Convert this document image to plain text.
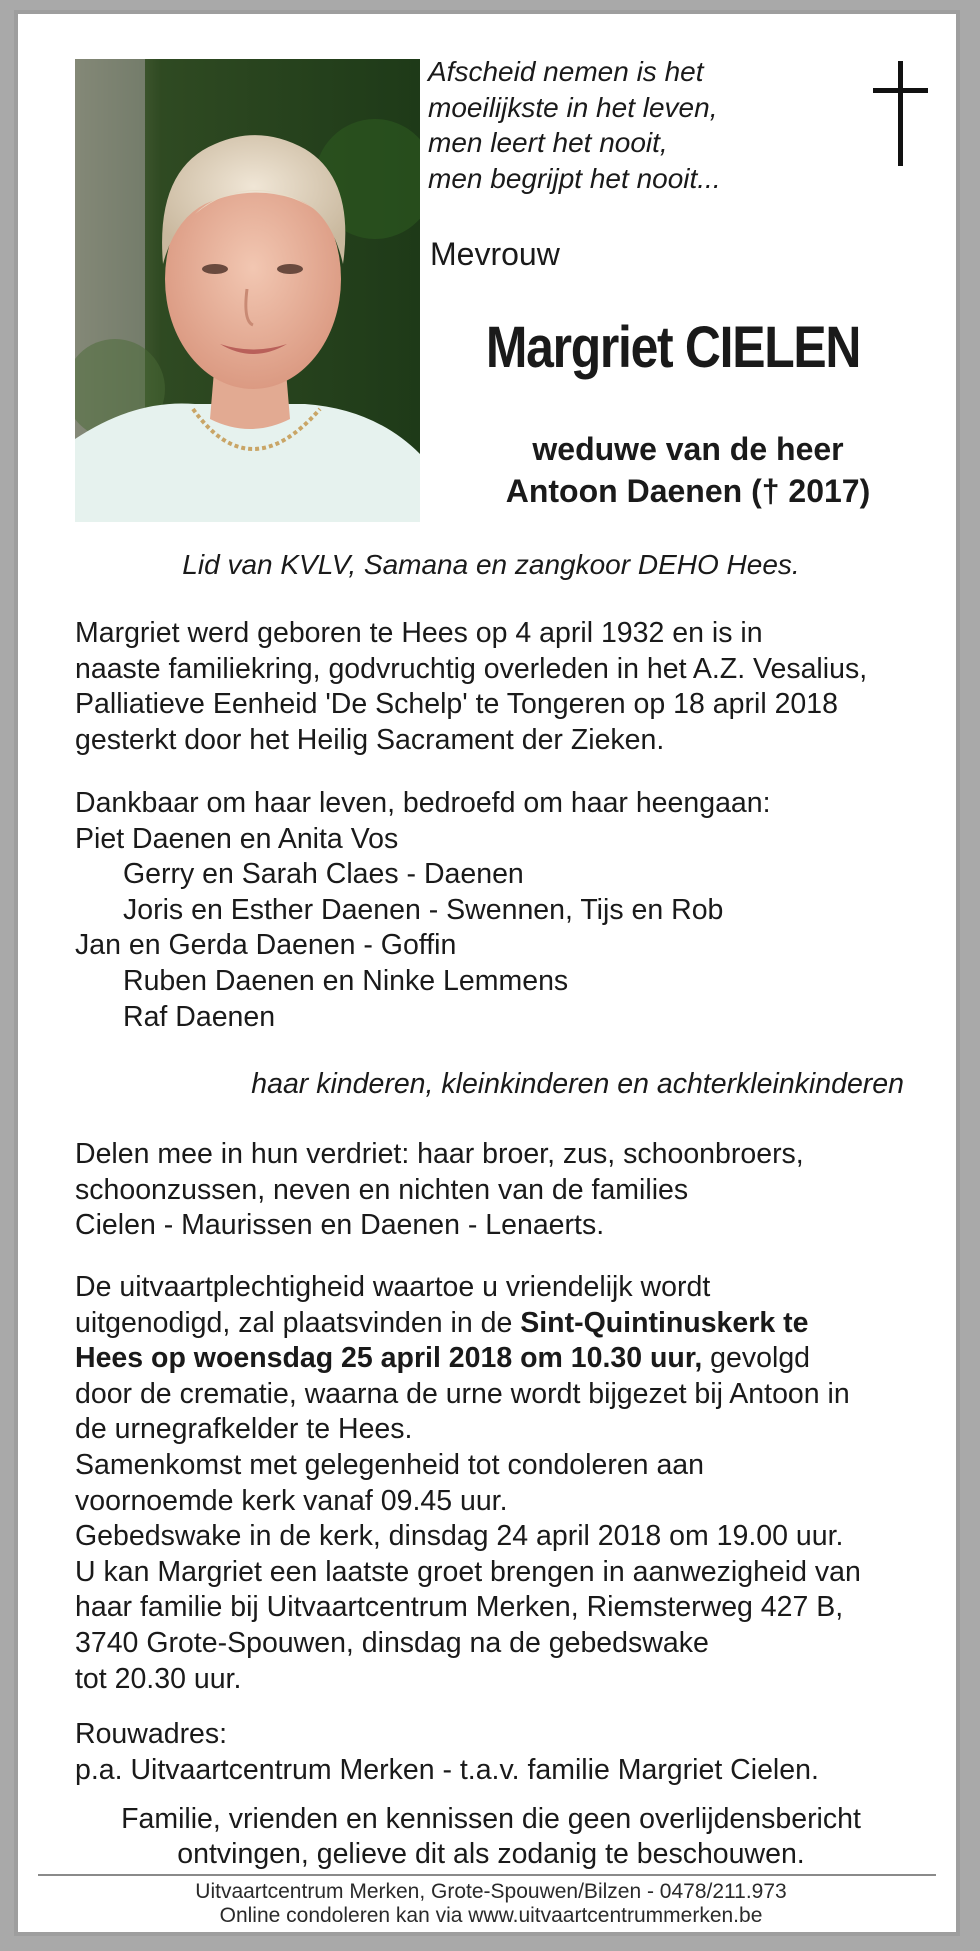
Afscheid nemen is het
moeilijkste in het leven,
men leert het nooit,
men begrijpt het nooit...
Mevrouw
Margriet CIELEN
weduwe van de heer
Antoon Daenen († 2017)
Lid van KVLV, Samana en zangkoor DEHO Hees.
Margriet werd geboren te Hees op 4 april 1932 en is in
naaste familiekring, godvruchtig overleden in het A.Z. Vesalius,
Palliatieve Eenheid 'De Schelp' te Tongeren op 18 april 2018
gesterkt door het Heilig Sacrament der Zieken.
Dankbaar om haar leven, bedroefd om haar heengaan:
Piet Daenen en Anita Vos
Gerry en Sarah Claes - Daenen
Joris en Esther Daenen - Swennen, Tijs en Rob
Jan en Gerda Daenen - Goffin
Ruben Daenen en Ninke Lemmens
Raf Daenen
haar kinderen, kleinkinderen en achterkleinkinderen
Delen mee in hun verdriet: haar broer, zus, schoonbroers,
schoonzussen, neven en nichten van de families
Cielen - Maurissen en Daenen - Lenaerts.
De uitvaartplechtigheid waartoe u vriendelijk wordt
uitgenodigd, zal plaatsvinden in de Sint-Quintinuskerk te
Hees op woensdag 25 april 2018 om 10.30 uur, gevolgd
door de crematie, waarna de urne wordt bijgezet bij Antoon in
de urnegrafkelder te Hees.
Samenkomst met gelegenheid tot condoleren aan
voornoemde kerk vanaf 09.45 uur.
Gebedswake in de kerk, dinsdag 24 april 2018 om 19.00 uur.
U kan Margriet een laatste groet brengen in aanwezigheid van
haar familie bij Uitvaartcentrum Merken, Riemsterweg 427 B,
3740 Grote-Spouwen, dinsdag na de gebedswake
tot 20.30 uur.
Rouwadres:
p.a. Uitvaartcentrum Merken - t.a.v. familie Margriet Cielen.
Familie, vrienden en kennissen die geen overlijdensbericht
ontvingen, gelieve dit als zodanig te beschouwen.
Uitvaartcentrum Merken, Grote-Spouwen/Bilzen - 0478/211.973
Online condoleren kan via www.uitvaartcentrummerken.be
